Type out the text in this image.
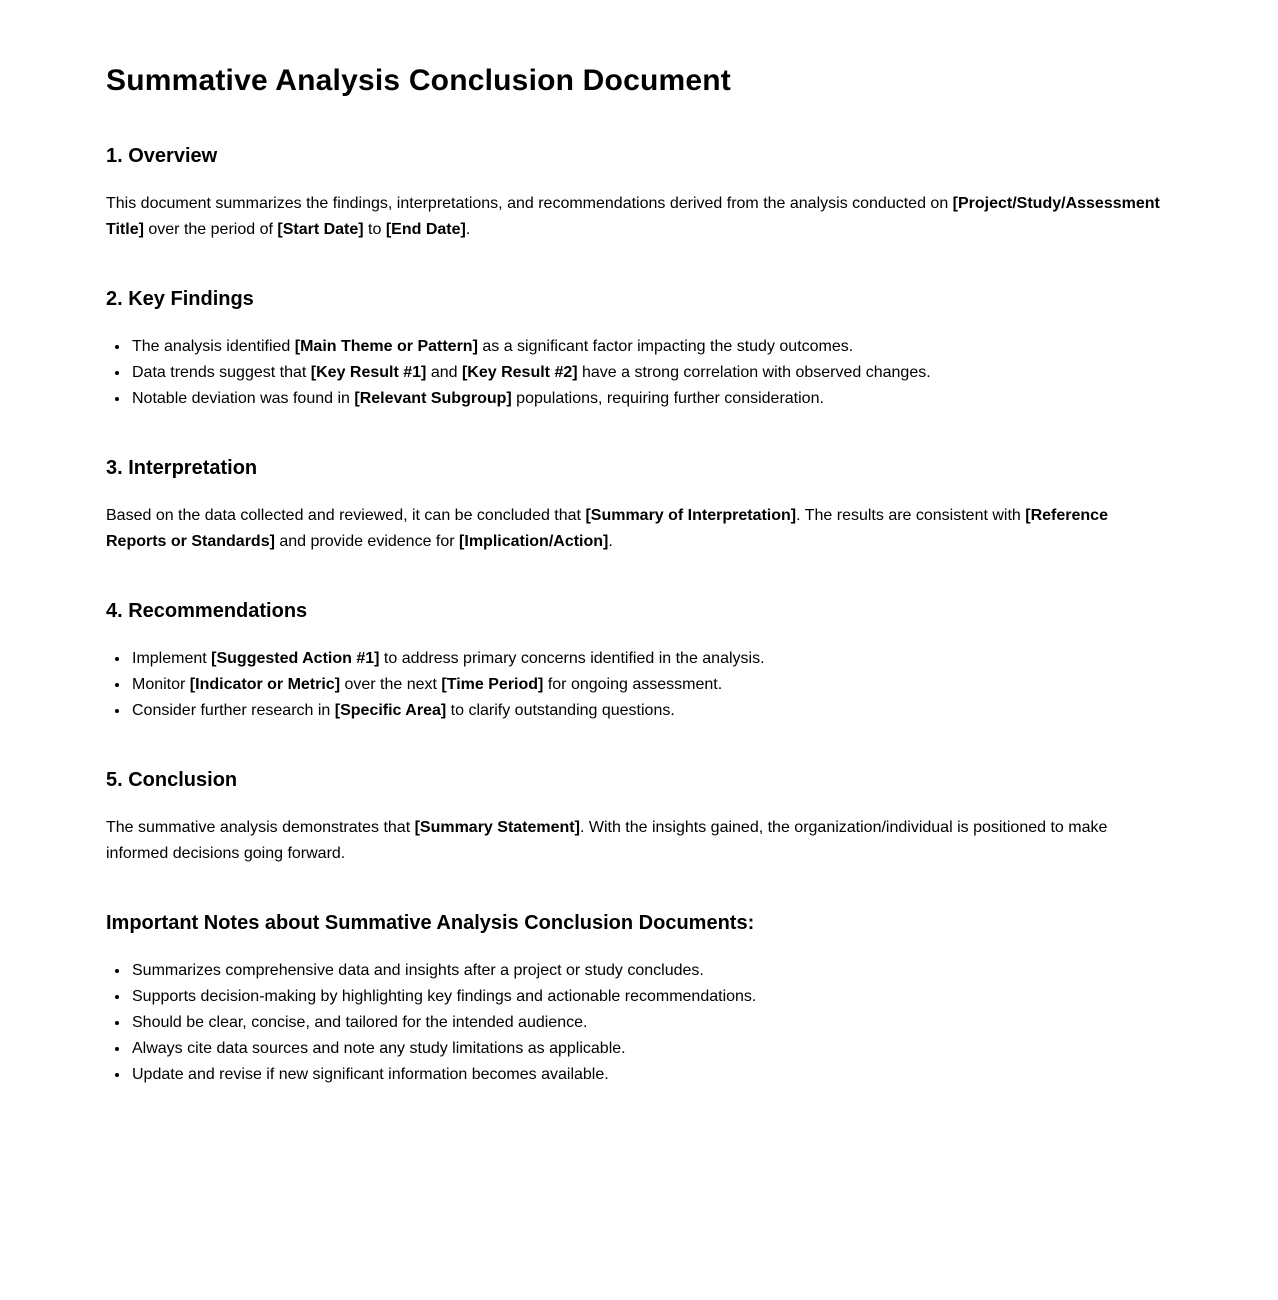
Summative Analysis Conclusion Document
1. Overview

This document summarizes the findings, interpretations, and recommendations derived from the analysis conducted on [Project/Study/Assessment Title] over the period of [Start Date] to [End Date].

2. Key Findings
• The analysis identified [Main Theme or Pattern] as a significant factor impacting the study outcomes.
• Data trends suggest that [Key Result #1] and [Key Result #2] have a strong correlation with observed changes.
• Notable deviation was found in [Relevant Subgroup] populations, requiring further consideration.
3. Interpretation

Based on the data collected and reviewed, it can be concluded that [Summary of Interpretation]. The results are consistent with [Reference Reports or Standards] and provide evidence for [Implication/Action].

4. Recommendations
• Implement [Suggested Action #1] to address primary concerns identified in the analysis.
• Monitor [Indicator or Metric] over the next [Time Period] for ongoing assessment.
• Consider further research in [Specific Area] to clarify outstanding questions.
5. Conclusion

The summative analysis demonstrates that [Summary Statement]. With the insights gained, the organization/individual is positioned to make informed decisions going forward.

Important Notes about Summative Analysis Conclusion Documents:
• Summarizes comprehensive data and insights after a project or study concludes.
• Supports decision-making by highlighting key findings and actionable recommendations.
• Should be clear, concise, and tailored for the intended audience.
• Always cite data sources and note any study limitations as applicable.
• Update and revise if new significant information becomes available.
